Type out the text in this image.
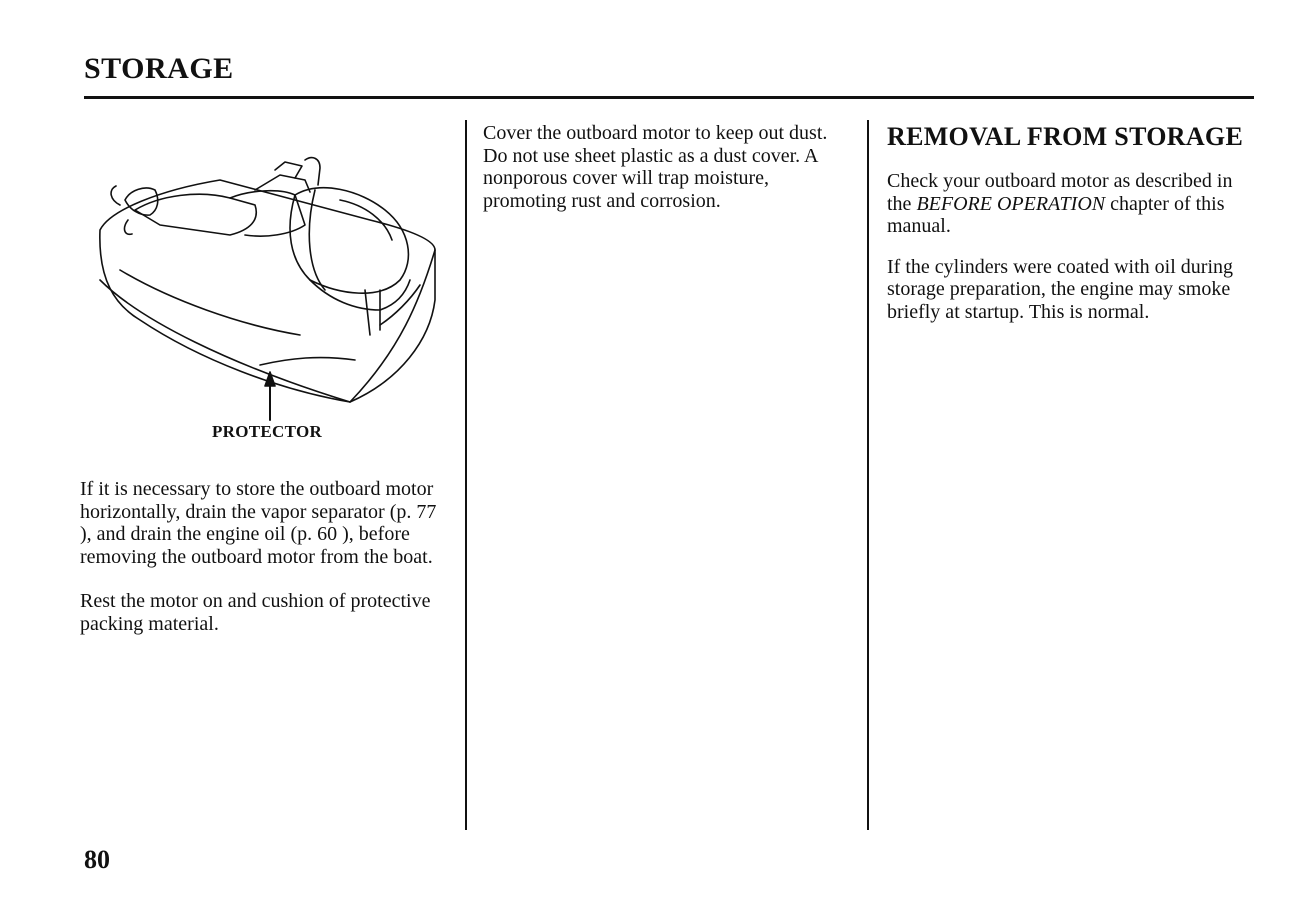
STORAGE
PROTECTOR

If it is necessary to store the outboard motor horizontally, drain the vapor separator (p. 77 ), and drain the engine oil (p. 60 ), before removing the outboard motor from the boat.

Rest the motor on and cushion of protective packing material.

Cover the outboard motor to keep out dust. Do not use sheet plastic as a dust cover. A nonporous cover will trap moisture, promoting rust and corrosion.

REMOVAL FROM STORAGE

Check your outboard motor as described in the BEFORE OPERATION chapter of this manual.

If the cylinders were coated with oil during storage preparation, the engine may smoke briefly at startup. This is normal.

80
